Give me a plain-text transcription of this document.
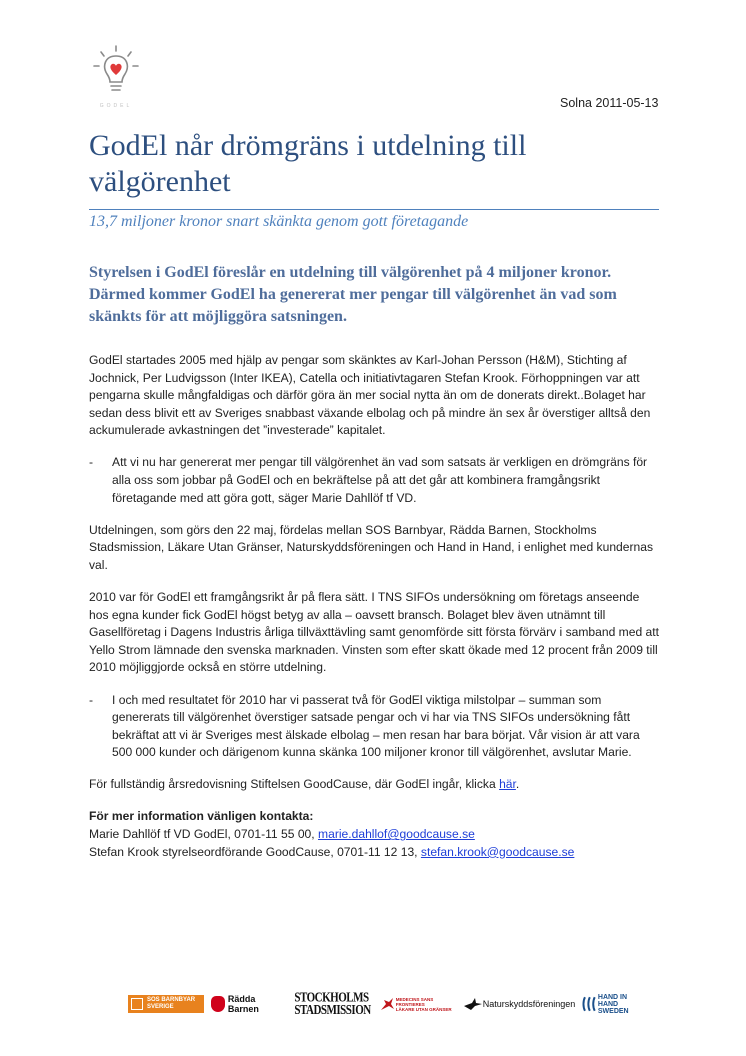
GODEL	Solna 2011-05-13
GodEl når drömgräns i utdelning till välgörenhet

13,7 miljoner kronor snart skänkta genom gott företagande

Styrelsen i GodEl föreslår en utdelning till välgörenhet på 4 miljoner kronor. Därmed kommer GodEl ha genererat mer pengar till välgörenhet än vad som skänkts för att möjliggöra satsningen.

GodEl startades 2005 med hjälp av pengar som skänktes av Karl-Johan Persson (H&M), Stichting af Jochnick, Per Ludvigsson (Inter IKEA), Catella och initiativtagaren Stefan Krook. Förhoppningen var att pengarna skulle mångfaldigas och därför göra än mer social nytta än om de donerats direkt..Bolaget har sedan dess blivit ett av Sveriges snabbast växande elbolag och på mindre än sex år överstiger alltså den ackumulerade avkastningen det ”investerade” kapitalet.

-	Att vi nu har genererat mer pengar till välgörenhet än vad som satsats är verkligen en drömgräns för alla oss som jobbar på GodEl och en bekräftelse på att det går att kombinera framgångsrikt företagande med att göra gott, säger Marie Dahllöf tf VD.

Utdelningen, som görs den 22 maj, fördelas mellan SOS Barnbyar, Rädda Barnen, Stockholms Stadsmission, Läkare Utan Gränser, Naturskyddsföreningen och Hand in Hand, i enlighet med kundernas val.

2010 var för GodEl ett framgångsrikt år på flera sätt. I TNS SIFOs undersökning om företags anseende hos egna kunder fick GodEl högst betyg av alla – oavsett bransch. Bolaget blev även utnämnt till Gasellföretag i Dagens Industris årliga tillväxttävling samt genomförde sitt första förvärv i samband med att Yello Strom lämnade den svenska marknaden. Vinsten som efter skatt ökade med 12 procent från 2009 till 2010 möjliggjorde också en större utdelning.

-	I och med resultatet för 2010 har vi passerat två för GodEl viktiga milstolpar – summan som genererats till välgörenhet överstiger satsade pengar och vi har via TNS SIFOs undersökning fått bekräftat att vi är Sveriges mest älskade elbolag – men resan har bara börjat. Vår vision är att vara 500 000 kunder och därigenom kunna skänka 100 miljoner kronor till välgörenhet, avslutar Marie.

För fullständig årsredovisning Stiftelsen GoodCause, där GodEl ingår, klicka här.

För mer information vänligen kontakta:

Marie Dahllöf tf VD GodEl, 0701-11 55 00, marie.dahllof@goodcause.se

Stefan Krook styrelseordförande GoodCause, 0701-11 12 13, stefan.krook@goodcause.se

SOS BARNBYAR
SVERIGE
Rädda Barnen
STOCKHOLMS
STADSMISSION
MEDECINS SANS FRONTIERES
LÄKARE UTAN GRÄNSER	Naturskyddsföreningen
HAND IN HAND
SWEDEN
